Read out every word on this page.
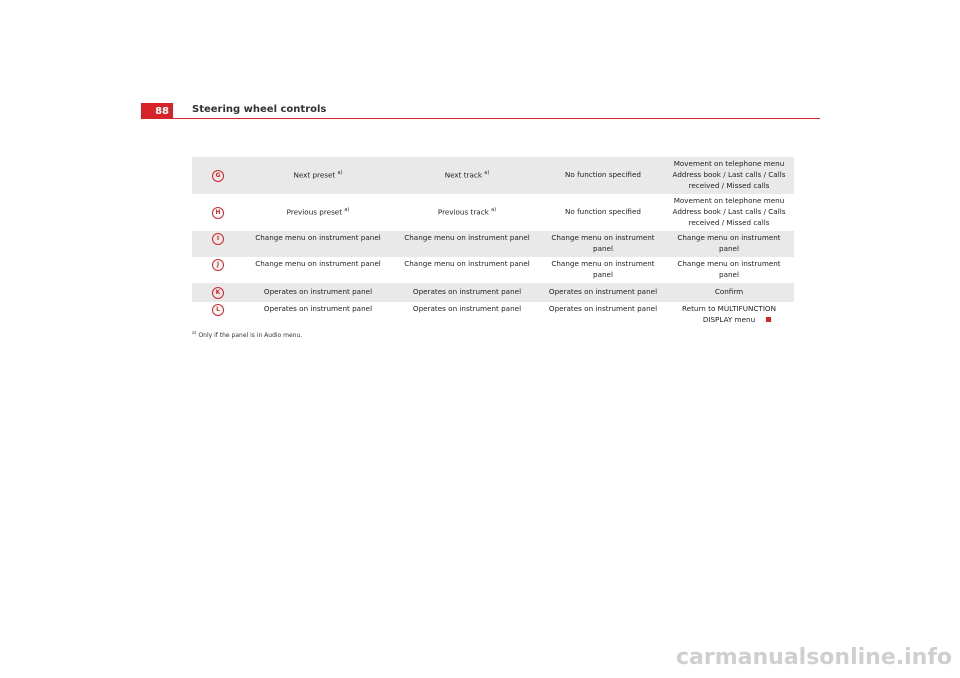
88	Steering wheel controls
G	Next preset $^{a)}$	Next track $^{a)}$	No function specified	Movement on telephone menu Address book / Last calls / Calls received / Missed calls
H	Previous preset $^{a)}$	Previous track $^{a)}$	No function specified	Movement on telephone menu Address book / Last calls / Calls received / Missed calls
I	Change menu on instrument panel	Change menu on instrument panel	Change menu on instrument panel	Change menu on instrument panel
J	Change menu on instrument panel	Change menu on instrument panel	Change menu on instrument panel	Change menu on instrument panel
K	Operates on instrument panel	Operates on instrument panel	Operates on instrument panel	Confirm
L	Operates on instrument panel	Operates on instrument panel	Operates on instrument panel	Return to MULTIFUNCTION DISPLAY menu
$^{a)}$ Only if the panel is in Audio menu.
carmanualsonline.info
